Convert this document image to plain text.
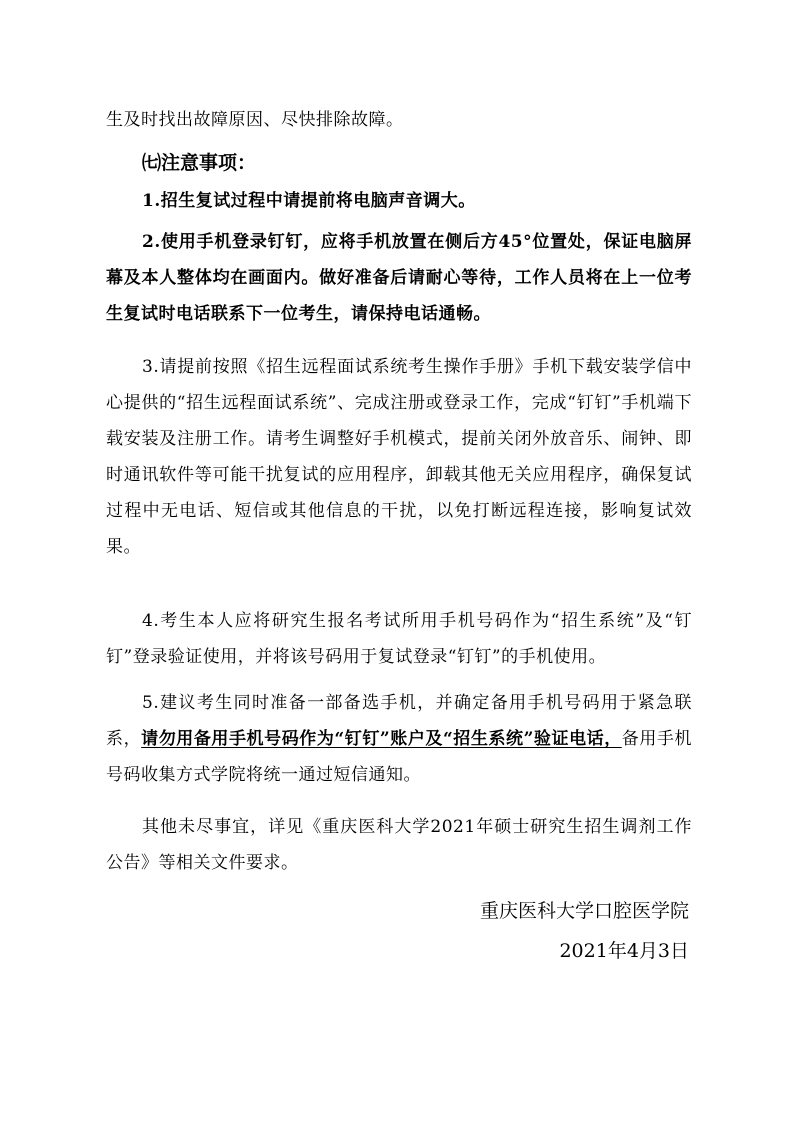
生及时找出故障原因、尽快排除故障。

㈦注意事项：

1.招生复试过程中请提前将电脑声音调大。

2.使用手机登录钉钉，应将手机放置在侧后方45°位置处，保证电脑屏幕及本人整体均在画面内。做好准备后请耐心等待，工作人员将在上一位考生复试时电话联系下一位考生，请保持电话通畅。

3.请提前按照《招生远程面试系统考生操作手册》手机下载安装学信中心提供的“招生远程面试系统”、完成注册或登录工作，完成“钉钉”手机端下载安装及注册工作。请考生调整好手机模式，提前关闭外放音乐、闹钟、即时通讯软件等可能干扰复试的应用程序，卸载其他无关应用程序，确保复试过程中无电话、短信或其他信息的干扰，以免打断远程连接，影响复试效果。

4.考生本人应将研究生报名考试所用手机号码作为“招生系统”及“钉钉”登录验证使用，并将该号码用于复试登录“钉钉”的手机使用。

5.建议考生同时准备一部备选手机，并确定备用手机号码用于紧急联系，请勿用备用手机号码作为“钉钉”账户及“招生系统”验证电话，备用手机号码收集方式学院将统一通过短信通知。

其他未尽事宜，详见《重庆医科大学2021年硕士研究生招生调剂工作公告》等相关文件要求。

重庆医科大学口腔医学院

2021年4月3日
